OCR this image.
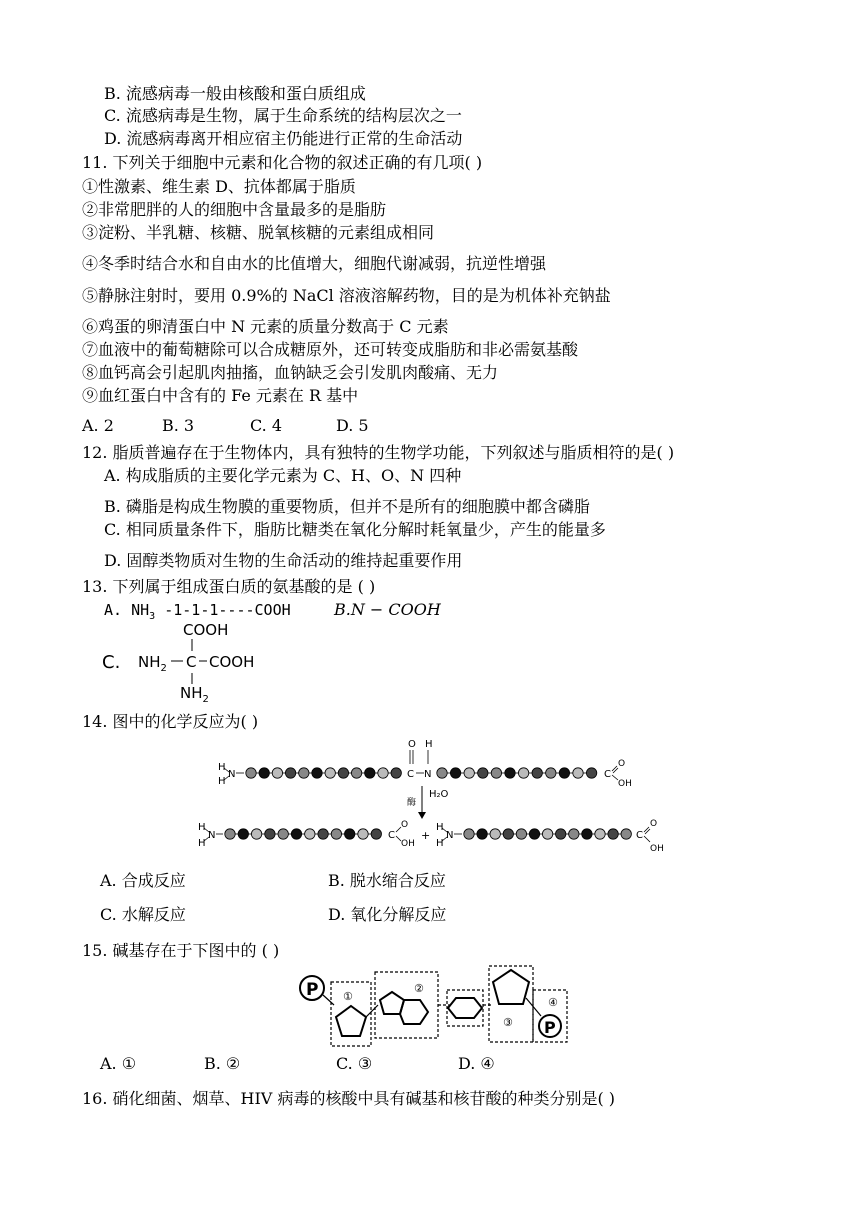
B. 流感病毒一般由核酸和蛋白质组成
C. 流感病毒是生物，属于生命系统的结构层次之一
D. 流感病毒离开相应宿主仍能进行正常的生命活动
11. 下列关于细胞中元素和化合物的叙述正确的有几项( )
①性激素、维生素 D、抗体都属于脂质
②非常肥胖的人的细胞中含量最多的是脂肪
③淀粉、半乳糖、核糖、脱氧核糖的元素组成相同
④冬季时结合水和自由水的比值增大，细胞代谢减弱，抗逆性增强
⑤静脉注射时，要用 0.9%的 NaCl 溶液溶解药物，目的是为机体补充钠盐
⑥鸡蛋的卵清蛋白中 N 元素的质量分数高于 C 元素
⑦血液中的葡萄糖除可以合成糖原外，还可转变成脂肪和非必需氨基酸
⑧血钙高会引起肌肉抽搐，血钠缺乏会引发肌肉酸痛、无力
⑨血红蛋白中含有的 Fe 元素在 R 基中
A. 2	B. 3	C. 4	D. 5
12. 脂质普遍存在于生物体内，具有独特的生物学功能，下列叙述与脂质相符的是( )
A. 构成脂质的主要化学元素为 C、H、O、N 四种
B. 磷脂是构成生物膜的重要物质，但并不是所有的细胞膜中都含磷脂
C. 相同质量条件下，脂肪比糖类在氧化分解时耗氧量少，产生的能量多
D. 固醇类物质对生物的生命活动的维持起重要作用
13. 下列属于组成蛋白质的氨基酸的是 ( )
A. $NH_3$ -1-1-1----COOH	B.N − COOH
C.
COOH
$NH_2$ C COOH
$NH_2$
14. 图中的化学反应为( )
H
H
N
O
C
H
N	C
O
OH
H₂O
酶
H
H
N	C
O
OH
+
H
H
N	C
O
OH
A. 合成反应	B. 脱水缩合反应
C. 水解反应	D. 氧化分解反应
15. 碱基存在于下图中的 ( )
P ①
②
③
④
P
A. ①	B. ②	C. ③	D. ④
16. 硝化细菌、烟草、HIV 病毒的核酸中具有碱基和核苷酸的种类分别是( )
